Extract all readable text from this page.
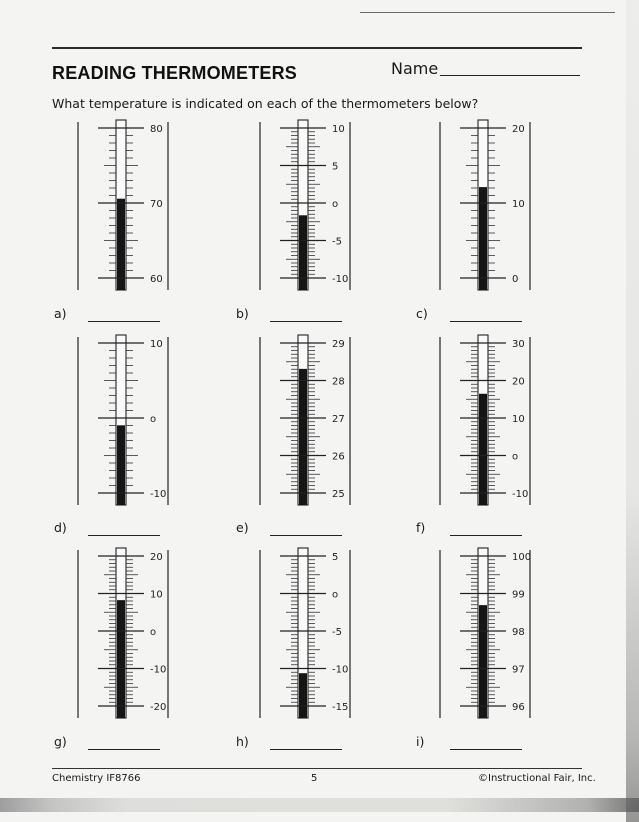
READING THERMOMETERS	Name
What temperature is indicated on each of the thermometers below?
80
70
60
a)
10
5
o
-5
-10
b)
20
10
0
c)
10
o
-10
d)
29
28
27
26
25
e)
30
20
10
o
-10
f)
20
10
o
-10
-20
g)
5
o
-5
-10
-15
h)
100
99
98
97
96
i)
Chemistry IF8766	5	©Instructional Fair, Inc.
